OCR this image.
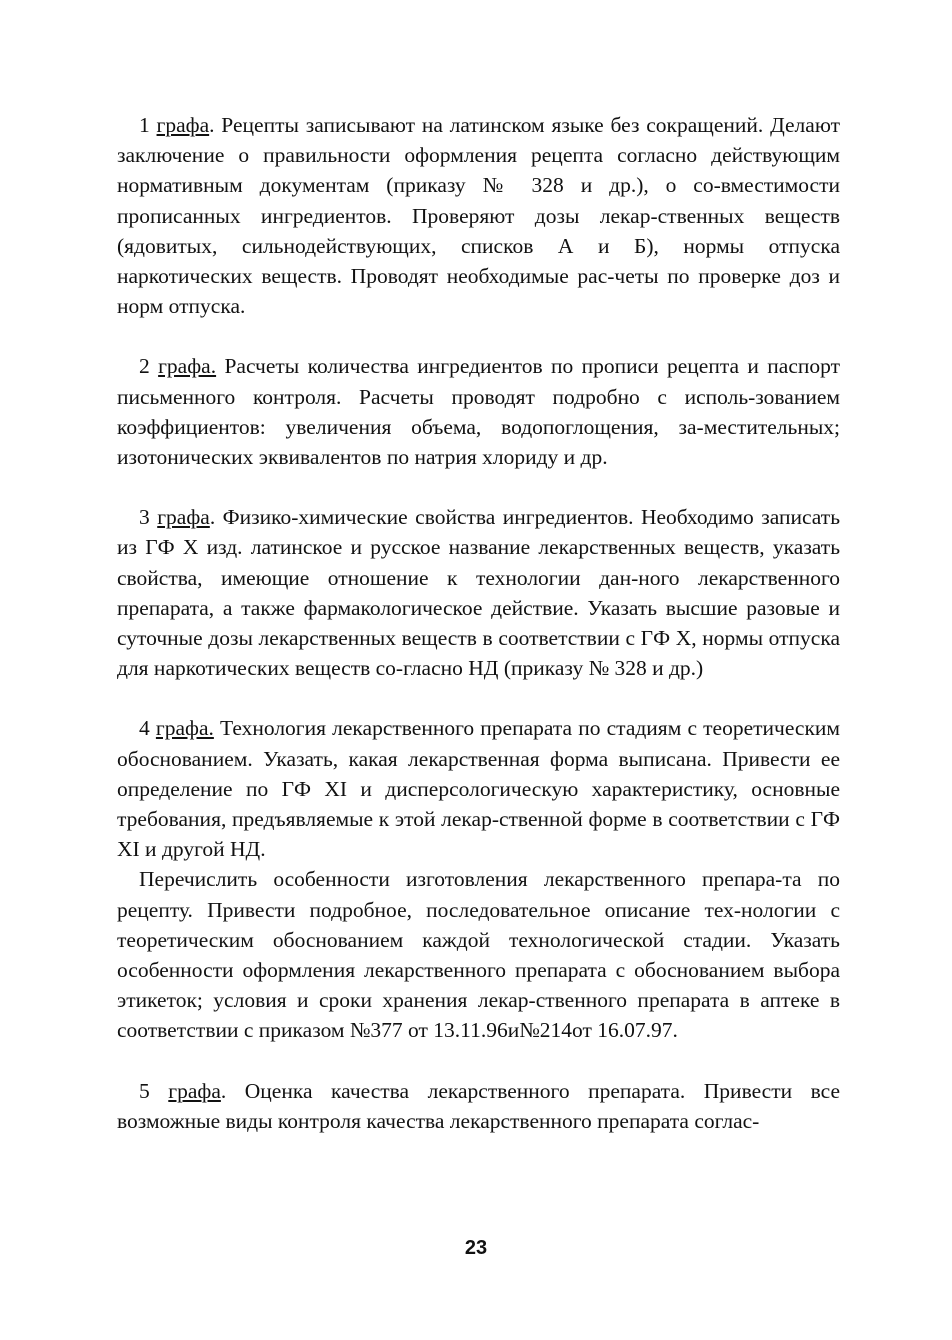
1 графа. Рецепты записывают на латинском языке без сокращений. Делают заключение о правильности оформления рецепта согласно действующим нормативным документам (приказу № 328 и др.), о со-вместимости прописанных ингредиентов. Проверяют дозы лекар-ственных веществ (ядовитых, сильнодействующих, списков А и Б), нормы отпуска наркотических веществ. Проводят необходимые рас-четы по проверке доз и норм отпуска.

2 графа. Расчеты количества ингредиентов по прописи рецепта и паспорт письменного контроля. Расчеты проводят подробно с исполь-зованием коэффициентов: увеличения объема, водопоглощения, за-местительных; изотонических эквивалентов по натрия хлориду и др.

3 графа. Физико-химические свойства ингредиентов. Необходимо записать из ГФ X изд. латинское и русское название лекарственных веществ, указать свойства, имеющие отношение к технологии дан-ного лекарственного препарата, а также фармакологическое действие. Указать высшие разовые и суточные дозы лекарственных веществ в соответствии с ГФ X, нормы отпуска для наркотических веществ со-гласно НД (приказу № 328 и др.)

4 графа. Технология лекарственного препарата по стадиям с теоретическим обоснованием. Указать, какая лекарственная форма выписана. Привести ее определение по ГФ XI и дисперсологическую характеристику, основные требования, предъявляемые к этой лекар-ственной форме в соответствии с ГФ XI и другой НД.

Перечислить особенности изготовления лекарственного препара-та по рецепту. Привести подробное, последовательное описание тех-нологии с теоретическим обоснованием каждой технологической стадии. Указать особенности оформления лекарственного препарата с обоснованием выбора этикеток; условия и сроки хранения лекар-ственного препарата в аптеке в соответствии с приказом №377 от 13.11.96и№214от 16.07.97.

5 графа. Оценка качества лекарственного препарата. Привести все возможные виды контроля качества лекарственного препарата соглас-

23
